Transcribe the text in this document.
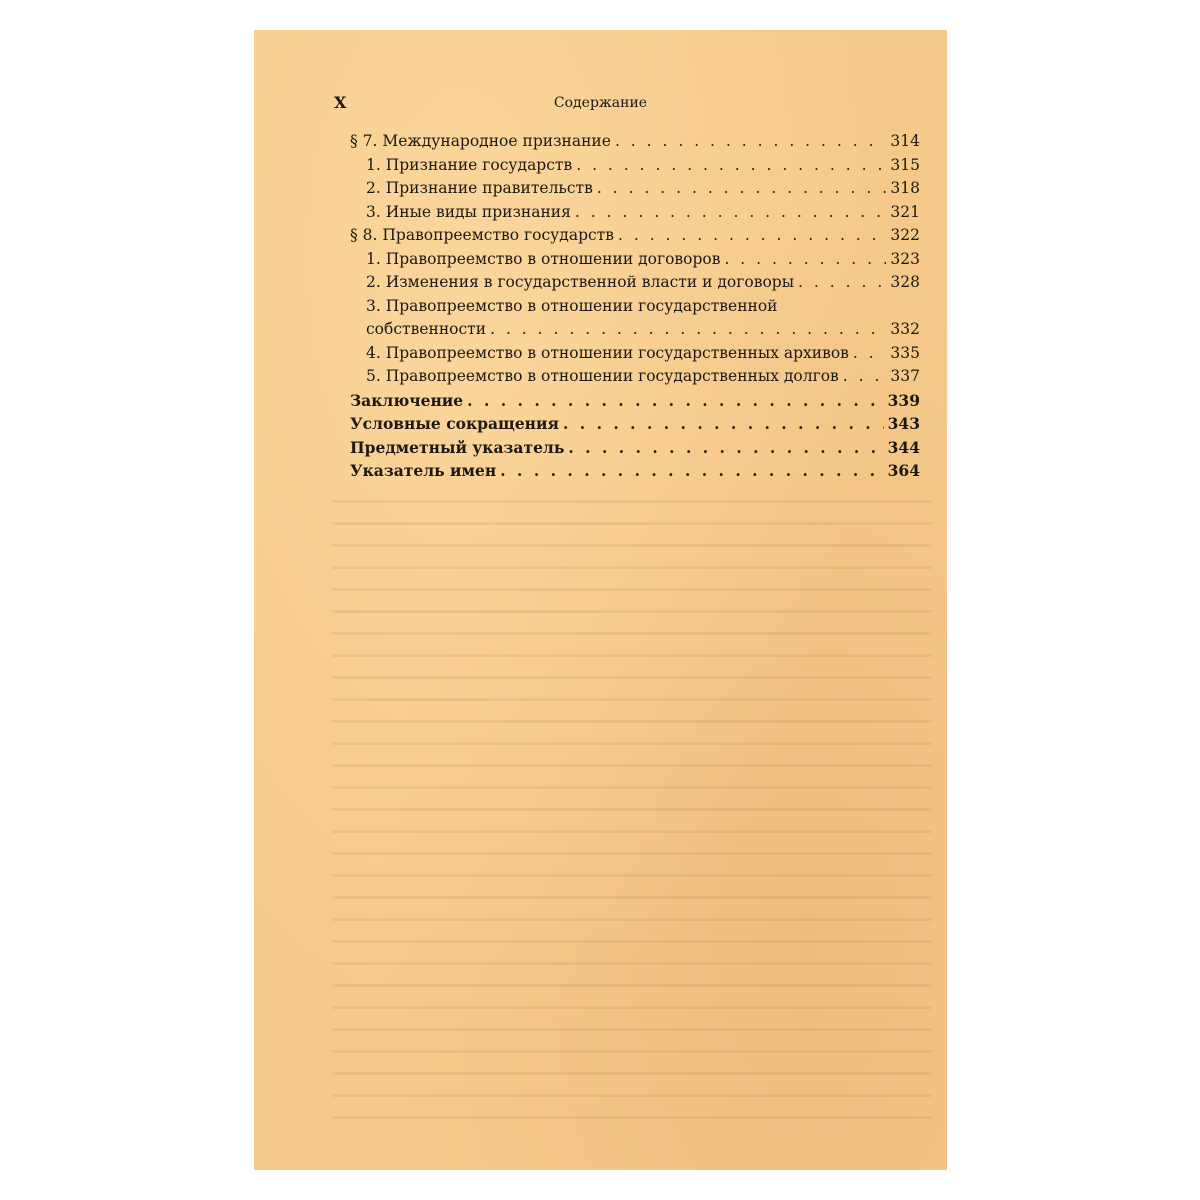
X	Содержание
§ 7. Международное признание . . .	314
1. Признание государств . . .	315
2. Признание правительств . . .	318
3. Иные виды признания . . .	321
§ 8. Правопреемство государств . . .	322
1. Правопреемство в отношении договоров . . .	323
2. Изменения в государственной власти и договоры . . .	328
3. Правопреемство в отношении государственной
собственности . . .	332
4. Правопреемство в отношении государственных архивов . . .	335
5. Правопреемство в отношении государственных долгов . . .	337
Заключение . . .	339
Условные сокращения . . .	343
Предметный указатель . . .	344
Указатель имен . . .	364
